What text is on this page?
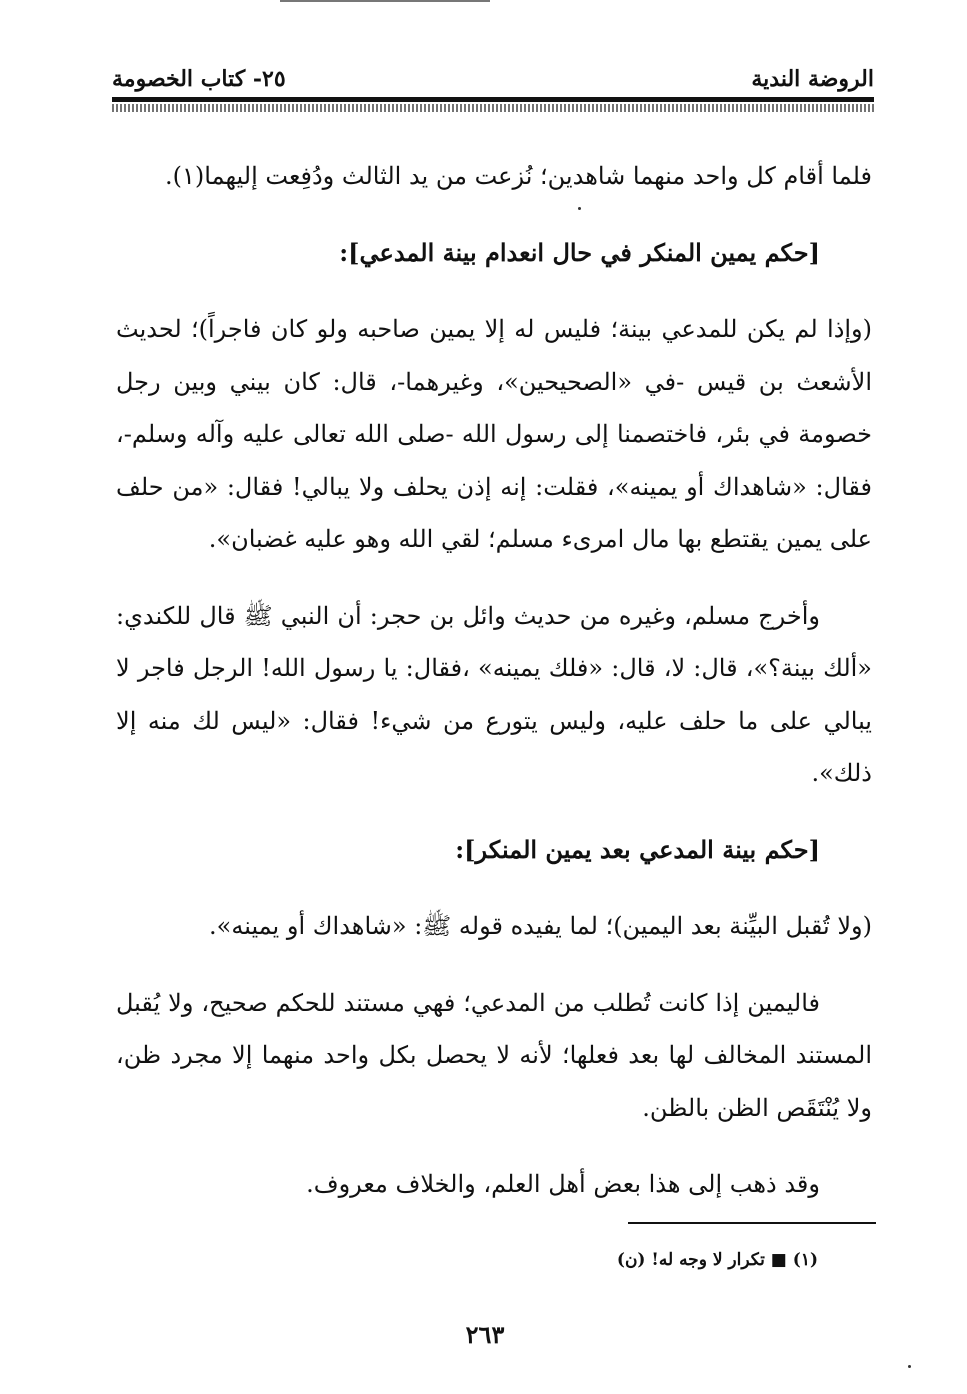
الروضة الندية
٢٥- كتاب الخصومة

فلما أقام كل واحد منهما شاهدين؛ نُزعت من يد الثالث ودُفِعت إليهما(١).

[حكم يمين المنكر في حال انعدام بينة المدعي]:

(وإذا لم يكن للمدعي بينة؛ فليس له إلا يمين صاحبه ولو كان فاجراً)؛ لحديث الأشعث بن قيس -في «الصحيحين»، وغيرهما-، قال: كان بيني وبين رجل خصومة في بئر، فاختصمنا إلى رسول الله -صلى الله تعالى عليه وآله وسلم-، فقال: «شاهداك أو يمينه»، فقلت: إنه إذن يحلف ولا يبالي! فقال: «من حلف على يمين يقتطع بها مال امرىء مسلم؛ لقي الله وهو عليه غضبان».

وأخرج مسلم، وغيره من حديث وائل بن حجر: أن النبي ﷺ قال للكندي: «ألك بينة؟»، قال: لا، قال: «فلك يمينه» ،فقال: يا رسول الله! الرجل فاجر لا يبالي على ما حلف عليه، وليس يتورع من شيء! فقال: «ليس لك منه إلا ذلك».

[حكم بينة المدعي بعد يمين المنكر]:

(ولا تُقبل البيِّنة بعد اليمين)؛ لما يفيده قوله ﷺ: «شاهداك أو يمينه».

فاليمين إذا كانت تُطلب من المدعي؛ فهي مستند للحكم صحيح، ولا يُقبل المستند المخالف لها بعد فعلها؛ لأنه لا يحصل بكل واحد منهما إلا مجرد ظن، ولا يُنْتَقَص الظن بالظن.

وقد ذهب إلى هذا بعض أهل العلم، والخلاف معروف.

(١) ■ تكرار لا وجه له! (ن)
٢٦٣
